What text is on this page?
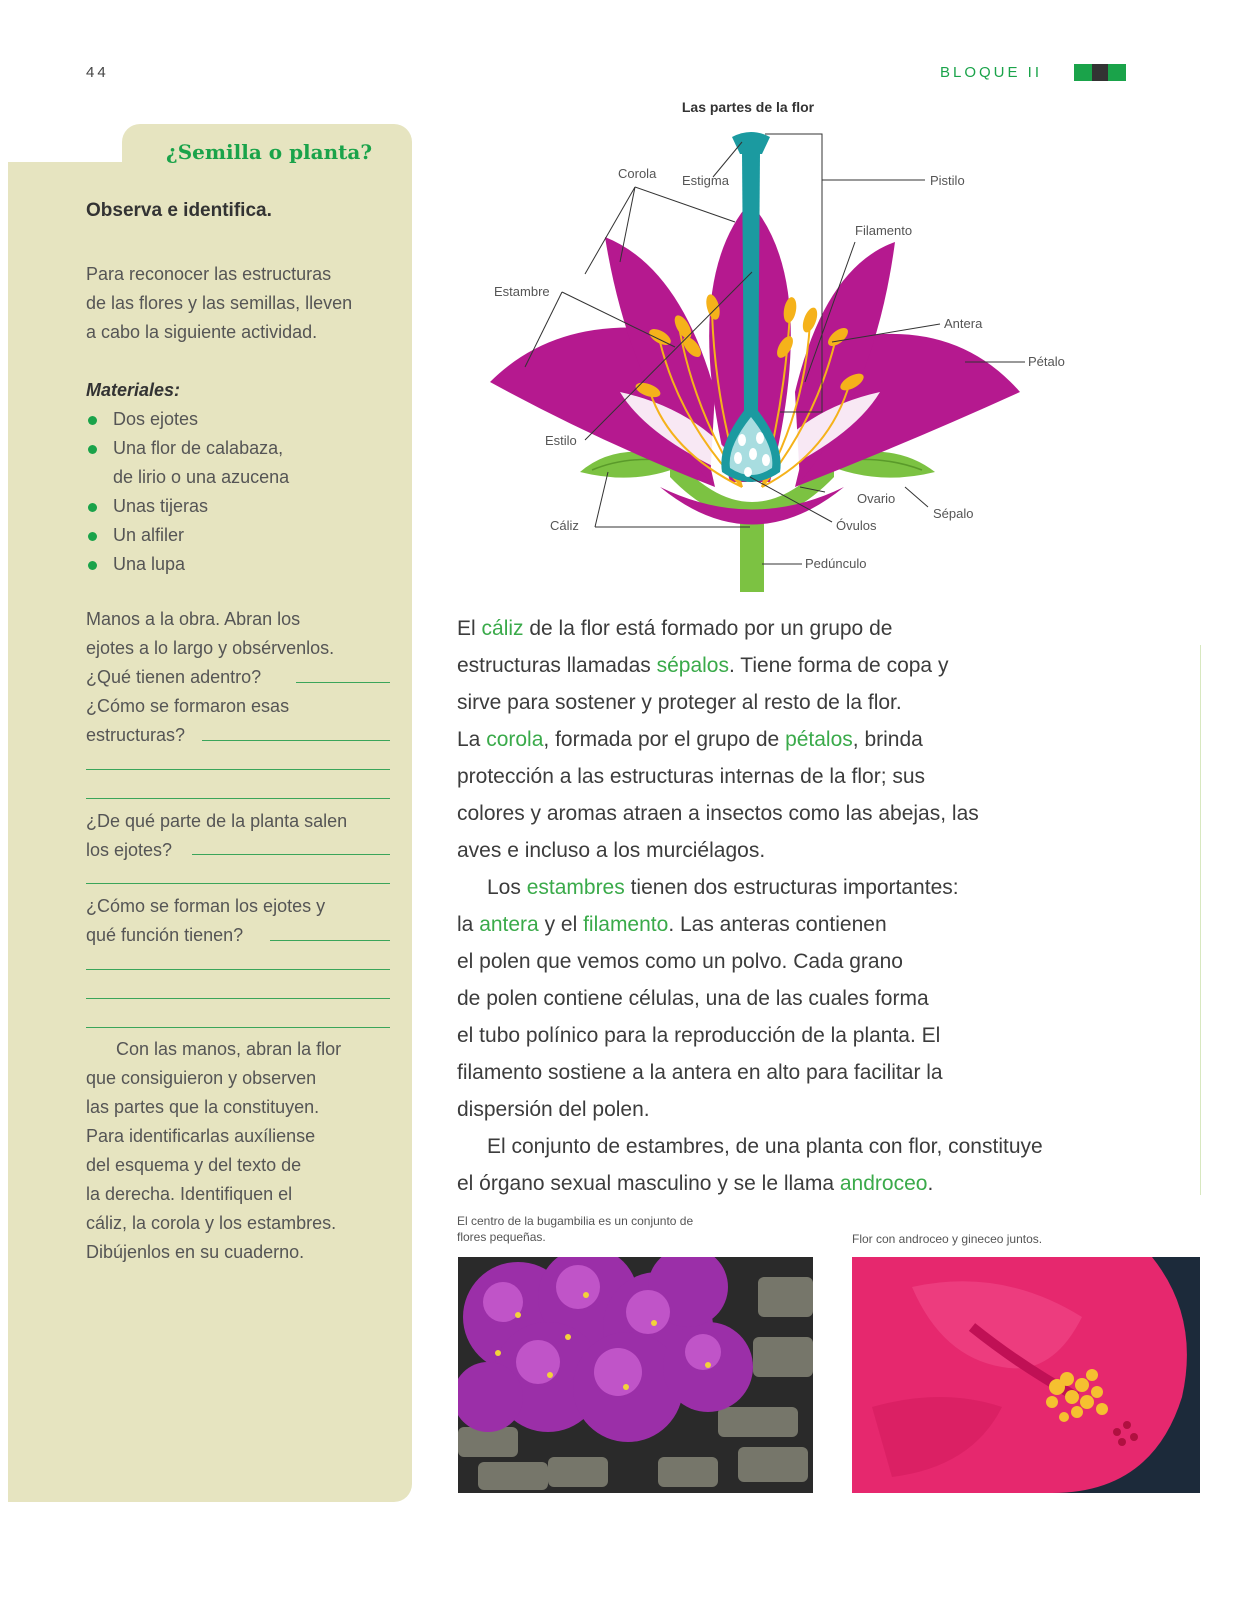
44	BLOQUE II
¿Semilla o planta?
Observa e identifica.
Para reconocer las estructuras
de las flores y las semillas, lleven
a cabo la siguiente actividad.
Materiales:
Dos ejotes
Una flor de calabaza,
de lirio o una azucena
Unas tijeras
Un alfiler
Una lupa
Manos a la obra. Abran los
ejotes a lo largo y obsérvenlos.
¿Qué tienen adentro?
¿Cómo se formaron esas
estructuras?
¿De qué parte de la planta salen
los ejotes?
¿Cómo se forman los ejotes y
qué función tienen?
Con las manos, abran la flor
que consiguieron y observen
las partes que la constituyen.
Para identificarlas auxíliense
del esquema y del texto de
la derecha. Identifiquen el
cáliz, la corola y los estambres.
Dibújenlos en su cuaderno.
Las partes de la flor
Corola Estigma	Pistilo
Filamento
Estambre
Antera
Pétalo
Estilo
Ovario
Sépalo
Cáliz	Óvulos
Pedúnculo

El cáliz de la flor está formado por un grupo de
estructuras llamadas sépalos. Tiene forma de copa y
sirve para sostener y proteger al resto de la flor.
La corola, formada por el grupo de pétalos, brinda
protección a las estructuras internas de la flor; sus
colores y aromas atraen a insectos como las abejas, las
aves e incluso a los murciélagos.

Los estambres tienen dos estructuras importantes:
la antera y el filamento. Las anteras contienen
el polen que vemos como un polvo. Cada grano
de polen contiene células, una de las cuales forma
el tubo polínico para la reproducción de la planta. El
filamento sostiene a la antera en alto para facilitar la
dispersión del polen.

El conjunto de estambres, de una planta con flor, constituye
el órgano sexual masculino y se le llama androceo.

El centro de la bugambilia es un conjunto de
flores pequeñas.	Flor con androceo y gineceo juntos.
